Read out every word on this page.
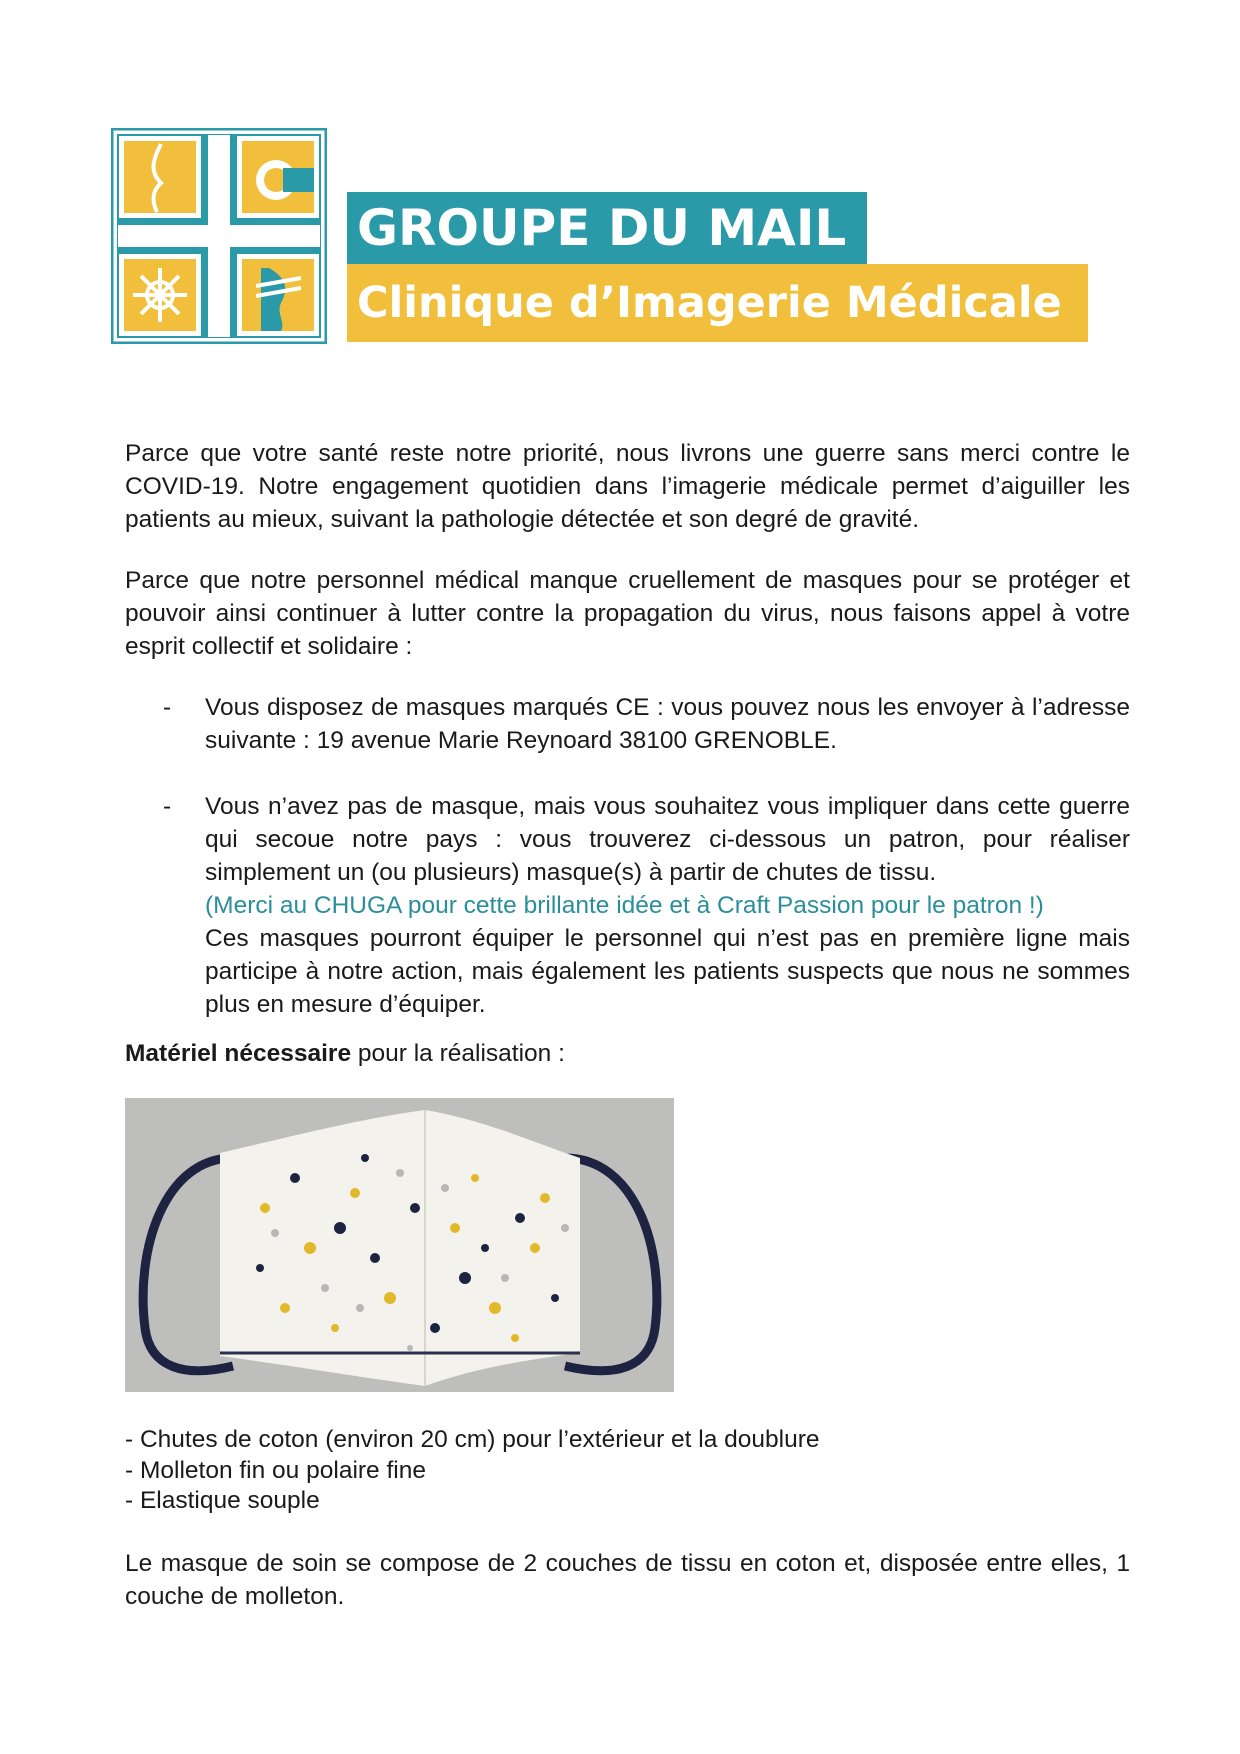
GROUPE DU MAIL
Clinique d’Imagerie Médicale

Parce que votre santé reste notre priorité, nous livrons une guerre sans merci contre le COVID-19. Notre engagement quotidien dans l’imagerie médicale permet d’aiguiller les patients au mieux, suivant la pathologie détectée et son degré de gravité.

Parce que notre personnel médical manque cruellement de masques pour se protéger et pouvoir ainsi continuer à lutter contre la propagation du virus, nous faisons appel à votre esprit collectif et solidaire :

- Vous disposez de masques marqués CE : vous pouvez nous les envoyer à l’adresse suivante : 19 avenue Marie Reynoard 38100 GRENOBLE.
- Vous n’avez pas de masque, mais vous souhaitez vous impliquer dans cette guerre qui secoue notre pays : vous trouverez ci-dessous un patron, pour réaliser simplement un (ou plusieurs) masque(s) à partir de chutes de tissu.
(Merci au CHUGA pour cette brillante idée et à Craft Passion pour le patron !)
Ces masques pourront équiper le personnel qui n’est pas en première ligne mais participe à notre action, mais également les patients suspects que nous ne sommes plus en mesure d’équiper.
Matériel nécessaire pour la réalisation :
- Chutes de coton (environ 20 cm) pour l’extérieur et la doublure
- Molleton fin ou polaire fine
- Elastique souple

Le masque de soin se compose de 2 couches de tissu en coton et, disposée entre elles, 1 couche de molleton.
